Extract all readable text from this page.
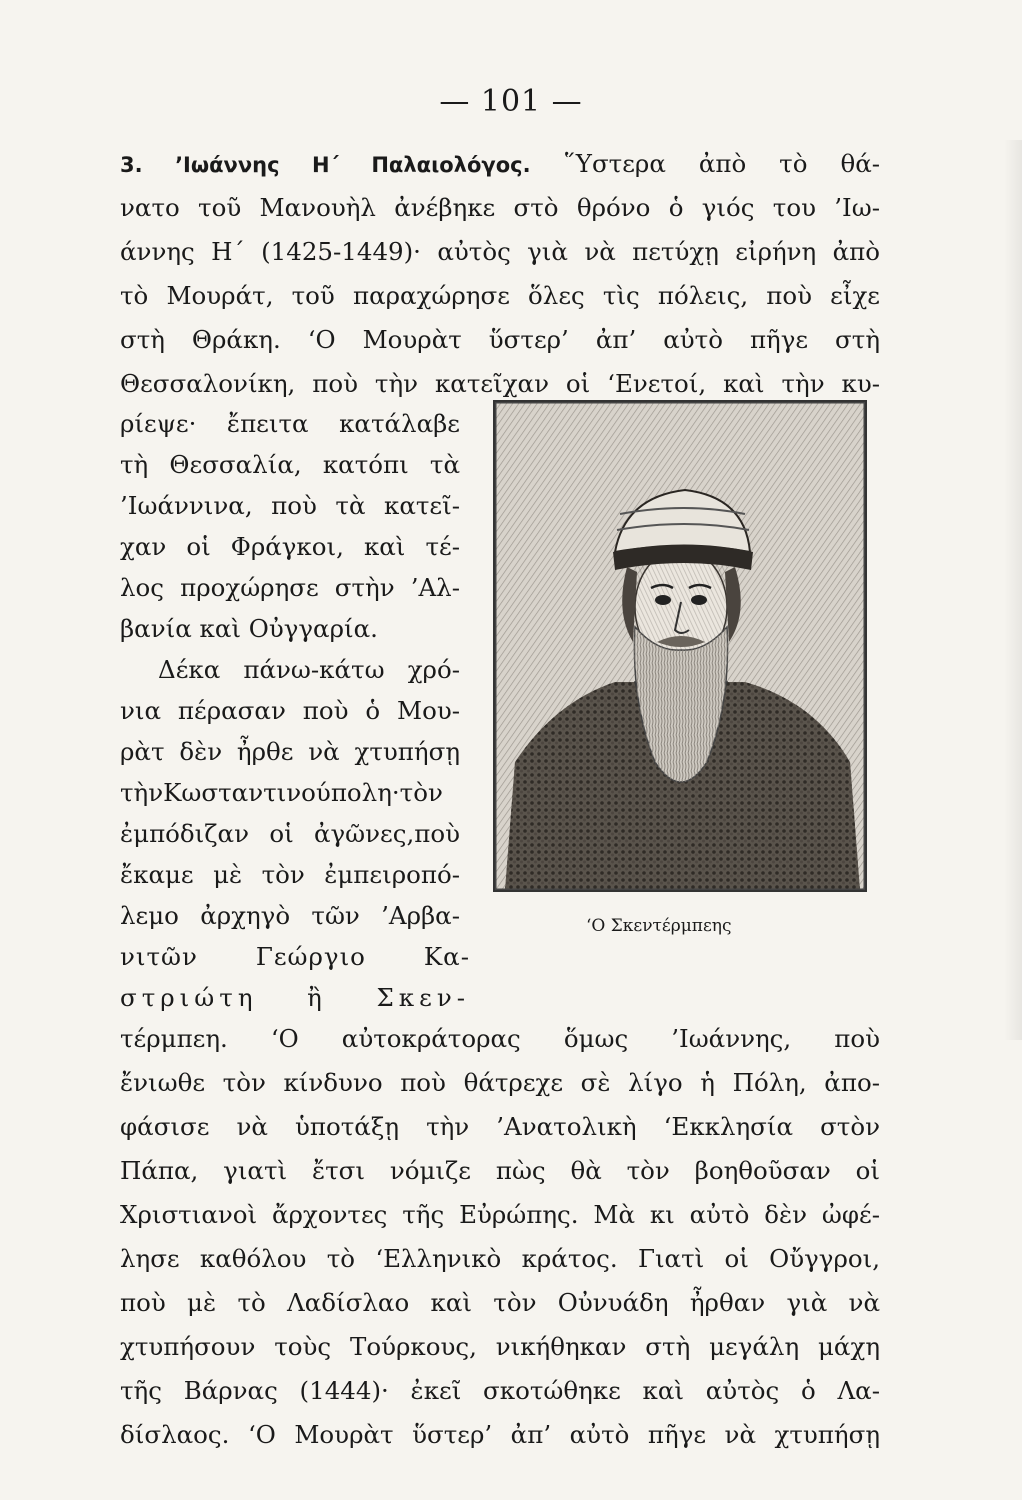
— 101 —
3. ’Ιωάννης Η΄ Παλαιολόγος. ῞Υστερα ἀπὸ τὸ θά-
νατο τοῦ Μανουὴλ ἀνέβηκε στὸ θρόνο ὁ γιός του ’Ιω-
άννης Η΄ (1425-1449)· αὐτὸς γιὰ νὰ πετύχῃ εἰρήνη ἀπὸ
τὸ Μουράτ, τοῦ παραχώρησε ὅλες τὶς πόλεις, ποὺ εἶχε
στὴ Θράκη. ‘Ο Μουρὰτ ὕστερ’ ἀπ’ αὐτὸ πῆγε στὴ
Θεσσαλονίκη, ποὺ τὴν κατεῖχαν οἱ ‘Ενετοί, καὶ τὴν κυ-
ρίεψε· ἔπειτα κατάλαβε
τὴ Θεσσαλία, κατόπι τὰ
’Ιωάννινα, ποὺ τὰ κατεῖ-
χαν οἱ Φράγκοι, καὶ τέ-
λος προχώρησε στὴν ’Αλ-
βανία καὶ Οὐγγαρία.
Δέκα πάνω-κάτω χρό-
νια πέρασαν ποὺ ὁ Μου-
ρὰτ δὲν ἦρθε νὰ χτυπήσῃ
τὴνΚωσταντινούπολη·τὸν
ἐμπόδιζαν οἱ ἀγῶνες,ποὺ
ἔκαμε μὲ τὸν ἐμπειροπό-
λεμο ἀρχηγὸ τῶν ’Αρβα-
νιτῶν Γεώργιο Κα-
στριώτη ἢ Σκεν-
τέρμπεη. ‘Ο αὐτοκράτορας ὅμως ’Ιωάννης, ποὺ
ἔνιωθε τὸν κίνδυνο ποὺ θάτρεχε σὲ λίγο ἡ Πόλη, ἀπο-
φάσισε νὰ ὑποτάξῃ τὴν ’Ανατολικὴ ‘Εκκλησία στὸν
Πάπα, γιατὶ ἔτσι νόμιζε πὼς θὰ τὸν βοηθοῦσαν οἱ
Χριστιανοὶ ἄρχοντες τῆς Εὐρώπης. Μὰ κι αὐτὸ δὲν ὠφέ-
λησε καθόλου τὸ ‘Ελληνικὸ κράτος. Γιατὶ οἱ Οὔγγροι,
ποὺ μὲ τὸ Λαδίσλαο καὶ τὸν Οὐνυάδη ἦρθαν γιὰ νὰ
χτυπήσουν τοὺς Τούρκους, νικήθηκαν στὴ μεγάλη μάχη
τῆς Βάρνας (1444)· ἐκεῖ σκοτώθηκε καὶ αὐτὸς ὁ Λα-
δίσλαος. ‘Ο Μουρὰτ ὕστερ’ ἀπ’ αὐτὸ πῆγε νὰ χτυπήσῃ
‘Ο Σκεντέρμπεης
